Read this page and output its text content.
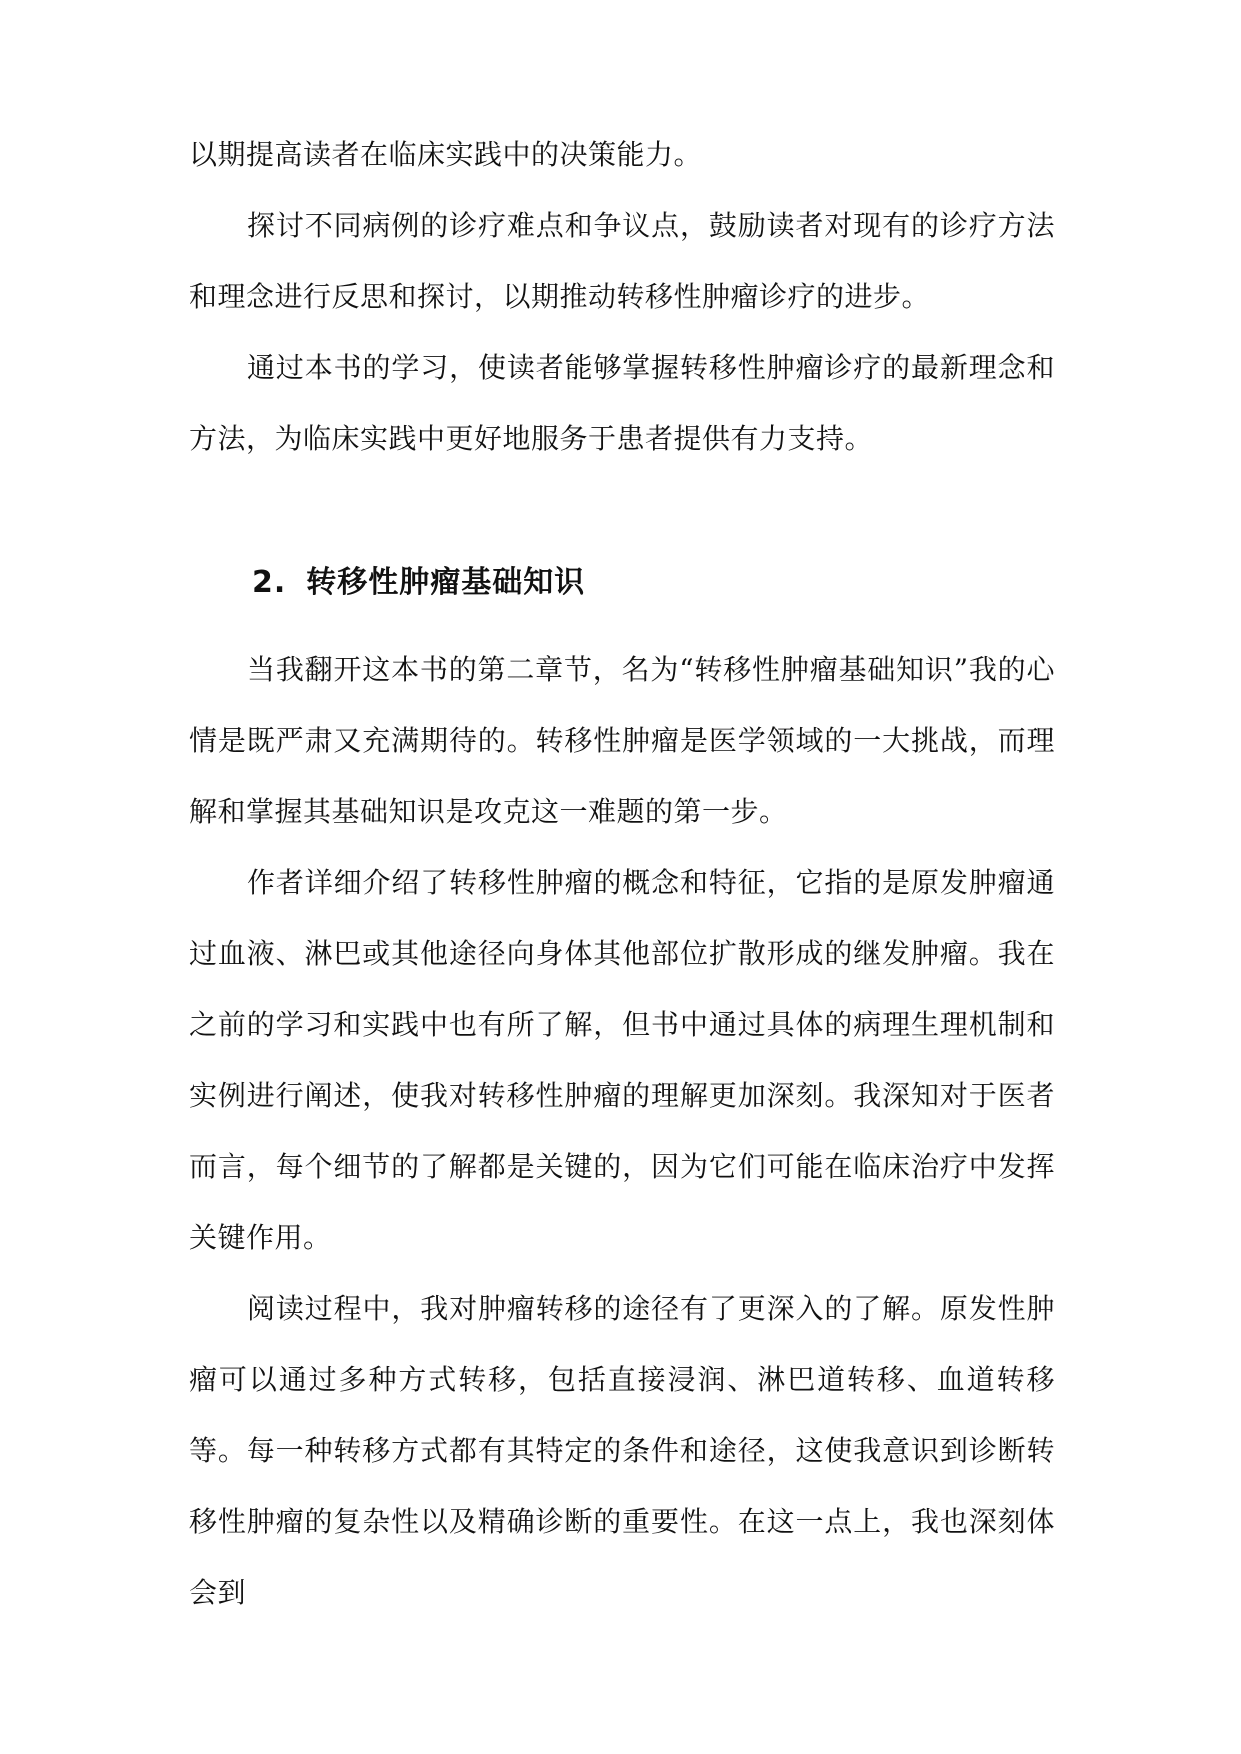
以期提高读者在临床实践中的决策能力。

探讨不同病例的诊疗难点和争议点，鼓励读者对现有的诊疗方法和理念进行反思和探讨，以期推动转移性肿瘤诊疗的进步。

通过本书的学习，使读者能够掌握转移性肿瘤诊疗的最新理念和方法，为临床实践中更好地服务于患者提供有力支持。

2. 转移性肿瘤基础知识

当我翻开这本书的第二章节，名为“转移性肿瘤基础知识”我的心情是既严肃又充满期待的。转移性肿瘤是医学领域的一大挑战，而理解和掌握其基础知识是攻克这一难题的第一步。

作者详细介绍了转移性肿瘤的概念和特征，它指的是原发肿瘤通过血液、淋巴或其他途径向身体其他部位扩散形成的继发肿瘤。我在之前的学习和实践中也有所了解，但书中通过具体的病理生理机制和实例进行阐述，使我对转移性肿瘤的理解更加深刻。我深知对于医者而言，每个细节的了解都是关键的，因为它们可能在临床治疗中发挥关键作用。

阅读过程中，我对肿瘤转移的途径有了更深入的了解。原发性肿瘤可以通过多种方式转移，包括直接浸润、淋巴道转移、血道转移等。每一种转移方式都有其特定的条件和途径，这使我意识到诊断转移性肿瘤的复杂性以及精确诊断的重要性。在这一点上，我也深刻体会到
